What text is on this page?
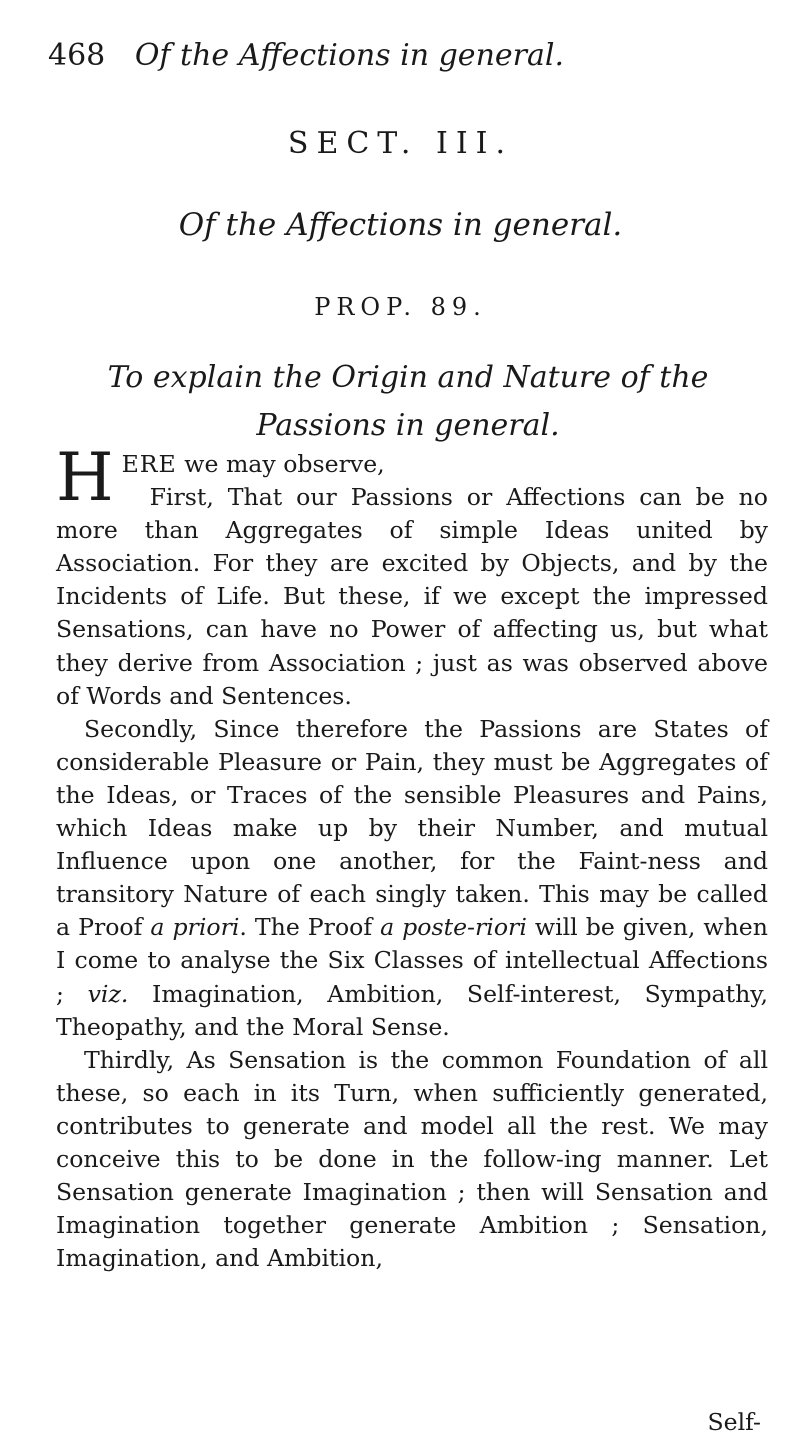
468 Of the Affections in general.
SECT. III.
Of the Affections in general.
PROP. 89.
To explain the Origin and Nature of the Passions in general.

HERE we may observe,

First, That our Passions or Affections can be no more than Aggregates of simple Ideas united by Association. For they are excited by Objects, and by the Incidents of Life. But these, if we except the impressed Sensations, can have no Power of affecting us, but what they derive from Association ; just as was observed above of Words and Sentences.

Secondly, Since therefore the Passions are States of considerable Pleasure or Pain, they must be Aggregates of the Ideas, or Traces of the sensible Pleasures and Pains, which Ideas make up by their Number, and mutual Influence upon one another, for the Faint-ness and transitory Nature of each singly taken. This may be called a Proof a priori. The Proof a poste-riori will be given, when I come to analyse the Six Classes of intellectual Affections ; viz. Imagination, Ambition, Self-interest, Sympathy, Theopathy, and the Moral Sense.

Thirdly, As Sensation is the common Foundation of all these, so each in its Turn, when sufficiently generated, contributes to generate and model all the rest. We may conceive this to be done in the follow-ing manner. Let Sensation generate Imagination ; then will Sensation and Imagination together generate Ambition ; Sensation, Imagination, and Ambition,

Self-
